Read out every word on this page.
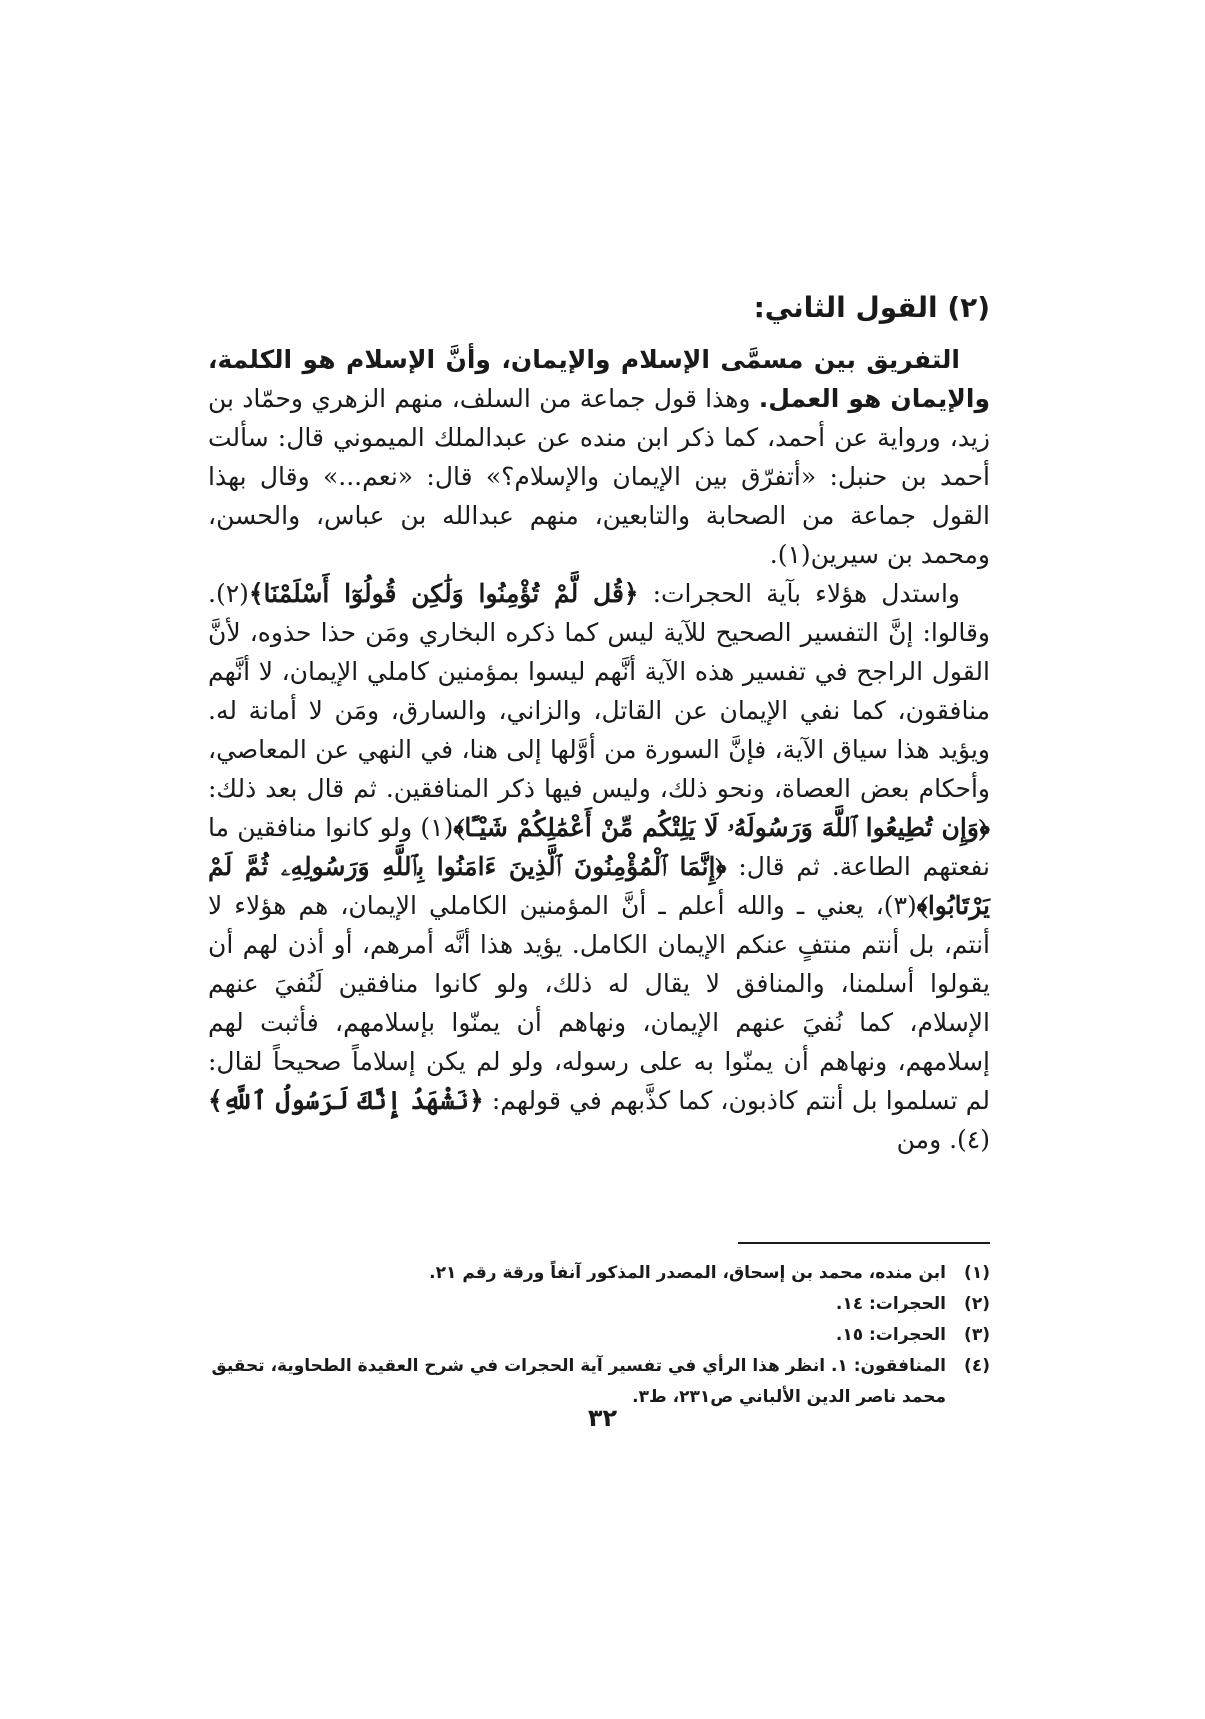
(٢) القول الثاني:

التفريق بين مسمَّى الإسلام والإيمان، وأنَّ الإسلام هو الكلمة، والإيمان هو العمل. وهذا قول جماعة من السلف، منهم الزهري وحمّاد بن زيد، ورواية عن أحمد، كما ذكر ابن منده عن عبدالملك الميموني قال: سألت أحمد بن حنبل: «أتفرّق بين الإيمان والإسلام؟» قال: «نعم...» وقال بهذا القول جماعة من الصحابة والتابعين، منهم عبدالله بن عباس، والحسن، ومحمد بن سيرين(١).

واستدل هؤلاء بآية الحجرات: ﴿قُل لَّمْ تُؤْمِنُوا وَلَٰكِن قُولُوٓا أَسْلَمْنَا﴾(٢). وقالوا: إنَّ التفسير الصحيح للآية ليس كما ذكره البخاري ومَن حذا حذوه، لأنَّ القول الراجح في تفسير هذه الآية أنَّهم ليسوا بمؤمنين كاملي الإيمان، لا أنَّهم منافقون، كما نفي الإيمان عن القاتل، والزاني، والسارق، ومَن لا أمانة له. ويؤيد هذا سياق الآية، فإنَّ السورة من أوَّلها إلى هنا، في النهي عن المعاصي، وأحكام بعض العصاة، ونحو ذلك، وليس فيها ذكر المنافقين. ثم قال بعد ذلك: ﴿وَإِن تُطِيعُوا ٱللَّهَ وَرَسُولَهُۥ لَا يَلِتْكُم مِّنْ أَعْمَٰلِكُمْ شَيْـًٔا﴾(١) ولو كانوا منافقين ما نفعتهم الطاعة. ثم قال: ﴿إِنَّمَا ٱلْمُؤْمِنُونَ ٱلَّذِينَ ءَامَنُوا بِٱللَّهِ وَرَسُولِهِۦ ثُمَّ لَمْ يَرْتَابُوا﴾(٣)، يعني ـ والله أعلم ـ أنَّ المؤمنين الكاملي الإيمان، هم هؤلاء لا أنتم، بل أنتم منتفٍ عنكم الإيمان الكامل. يؤيد هذا أنَّه أمرهم، أو أذن لهم أن يقولوا أسلمنا، والمنافق لا يقال له ذلك، ولو كانوا منافقين لَنُفيَ عنهم الإسلام، كما نُفيَ عنهم الإيمان، ونهاهم أن يمنّوا بإسلامهم، فأثبت لهم إسلامهم، ونهاهم أن يمنّوا به على رسوله، ولو لم يكن إسلاماً صحيحاً لقال: لم تسلموا بل أنتم كاذبون، كما كذَّبهم في قولهم: ﴿نَشْهَدُ إِنَّكَ لَرَسُولُ ٱللَّهِ﴾(٤). ومن

(١)
ابن منده، محمد بن إسحاق، المصدر المذكور آنفاً ورقة رقم ٢١.
(٢)
الحجرات: ١٤.
(٣)
الحجرات: ١٥.
(٤)
المنافقون: ١. انظر هذا الرأي في تفسير آية الحجرات في شرح العقيدة الطحاوية، تحقيق محمد ناصر الدين الألباني ص٢٣١، ط٣.
٣٢
